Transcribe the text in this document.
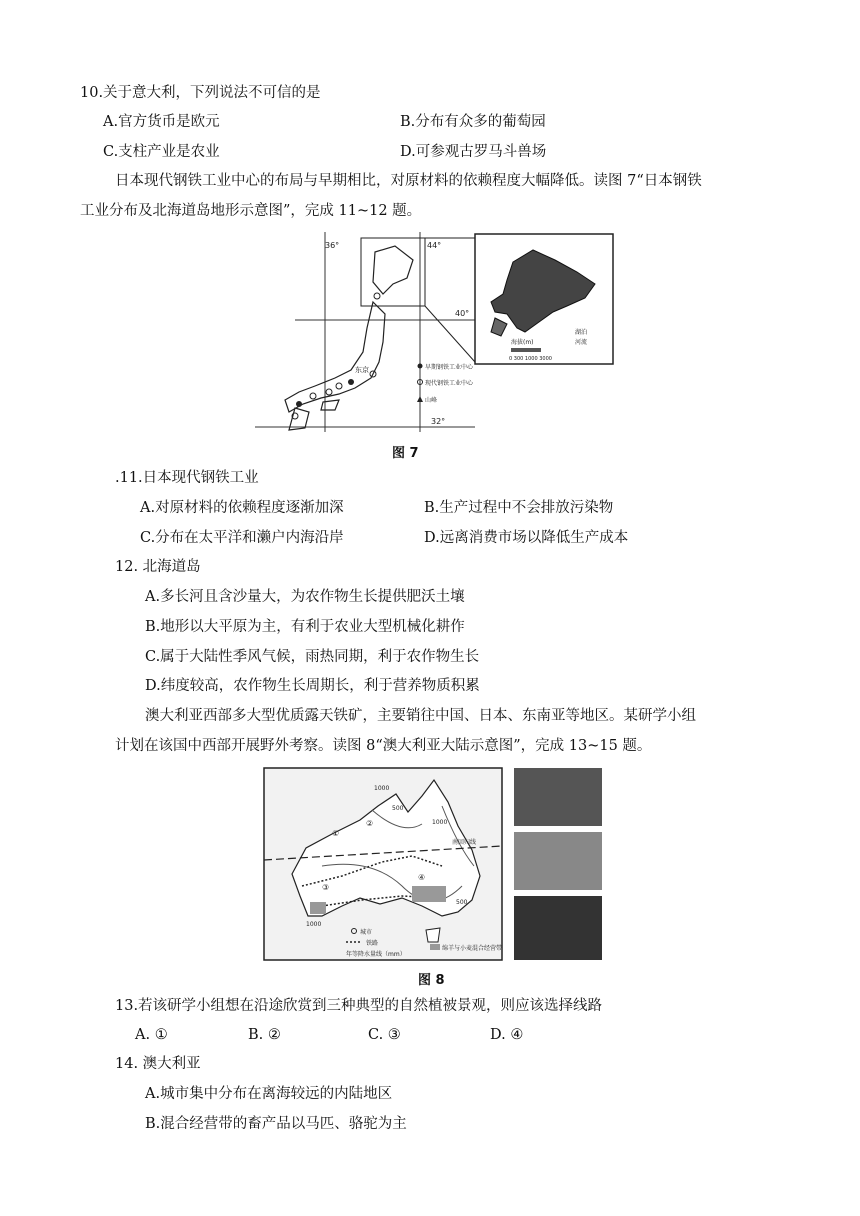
10.关于意大利，下列说法不可信的是
A.官方货币是欧元	B.分布有众多的葡萄园
C.支柱产业是农业	D.可参观古罗马斗兽场
日本现代钢铁工业中心的布局与早期相比，对原材料的依赖程度大幅降低。读图 7“日本钢铁
工业分布及北海道岛地形示意图”，完成 11~12 题。
36°	44°
40°
32°
东京	早期钢铁工业中心
现代钢铁工业中心
山峰
海拔(m)
0 300 1000 3000
湖泊
河流
图 7
.11.日本现代钢铁工业
A.对原材料的依赖程度逐渐加深	B.生产过程中不会排放污染物
C.分布在太平洋和濑户内海沿岸	D.远离消费市场以降低生产成本
12. 北海道岛
A.多长河且含沙量大，为农作物生长提供肥沃土壤
B.地形以大平原为主，有利于农业大型机械化耕作
C.属于大陆性季风气候，雨热同期，利于农作物生长
D.纬度较高，农作物生长周期长，利于营养物质积累
澳大利亚西部多大型优质露天铁矿，主要销往中国、日本、东南亚等地区。某研学小组
计划在该国中西部开展野外考察。读图 8“澳大利亚大陆示意图”，完成 13~15 题。
南回归线
1000
500
1000
500
1000
①
②
③
④
城市
铁路
年等降水量线（mm）
绵羊与小麦混合经营带
图 8
13.若该研学小组想在沿途欣赏到三种典型的自然植被景观，则应该选择线路
A. ①	B. ②	C. ③	D. ④
14. 澳大利亚
A.城市集中分布在离海较远的内陆地区
B.混合经营带的畜产品以马匹、骆驼为主
